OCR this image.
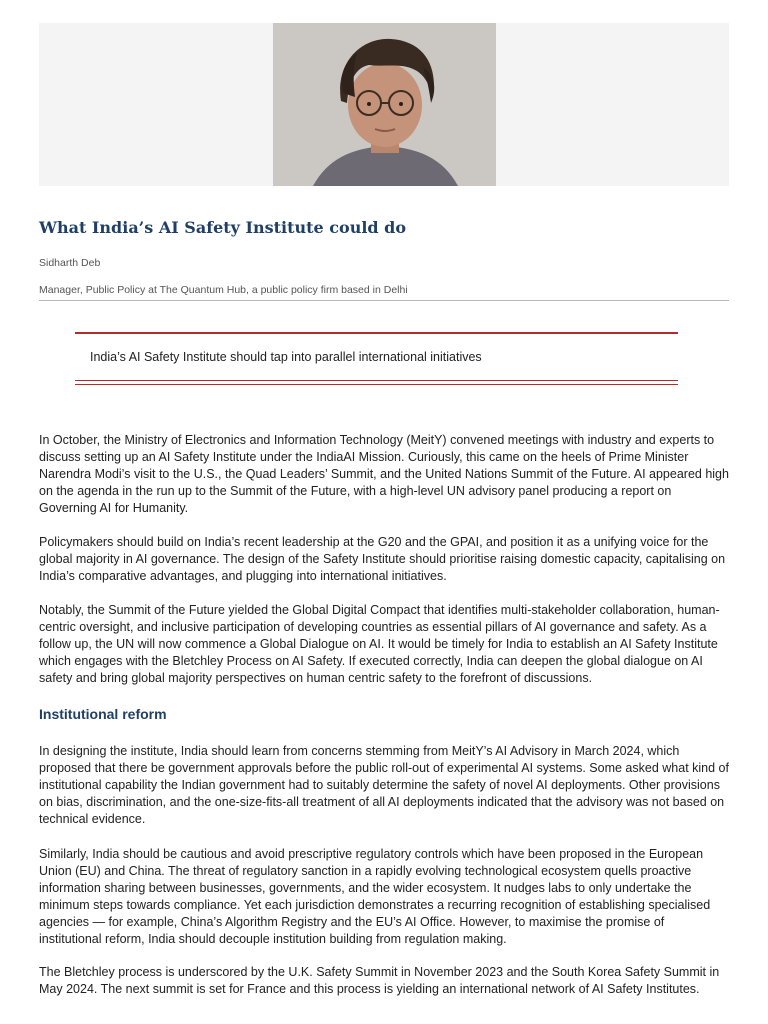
What India’s AI Safety Institute could do

Sidharth Deb

Manager, Public Policy at The Quantum Hub, a public policy firm based in Delhi

India’s AI Safety Institute should tap into parallel international initiatives

In October, the Ministry of Electronics and Information Technology (MeitY) convened meetings with industry and experts to discuss setting up an AI Safety Institute under the IndiaAI Mission. Curiously, this came on the heels of Prime Minister Narendra Modi’s visit to the U.S., the Quad Leaders’ Summit, and the United Nations Summit of the Future. AI appeared high on the agenda in the run up to the Summit of the Future, with a high-level UN advisory panel producing a report on Governing AI for Humanity.

Policymakers should build on India’s recent leadership at the G20 and the GPAI, and position it as a unifying voice for the global majority in AI governance. The design of the Safety Institute should prioritise raising domestic capacity, capitalising on India’s comparative advantages, and plugging into international initiatives.

Notably, the Summit of the Future yielded the Global Digital Compact that identifies multi-stakeholder collaboration, human-centric oversight, and inclusive participation of developing countries as essential pillars of AI governance and safety. As a follow up, the UN will now commence a Global Dialogue on AI. It would be timely for India to establish an AI Safety Institute which engages with the Bletchley Process on AI Safety. If executed correctly, India can deepen the global dialogue on AI safety and bring global majority perspectives on human centric safety to the forefront of discussions.

Institutional reform

In designing the institute, India should learn from concerns stemming from MeitY’s AI Advisory in March 2024, which proposed that there be government approvals before the public roll-out of experimental AI systems. Some asked what kind of institutional capability the Indian government had to suitably determine the safety of novel AI deployments. Other provisions on bias, discrimination, and the one-size-fits-all treatment of all AI deployments indicated that the advisory was not based on technical evidence.

Similarly, India should be cautious and avoid prescriptive regulatory controls which have been proposed in the European Union (EU) and China. The threat of regulatory sanction in a rapidly evolving technological ecosystem quells proactive information sharing between businesses, governments, and the wider ecosystem. It nudges labs to only undertake the minimum steps towards compliance. Yet each jurisdiction demonstrates a recurring recognition of establishing specialised agencies — for example, China’s Algorithm Registry and the EU’s AI Office. However, to maximise the promise of institutional reform, India should decouple institution building from regulation making.

The Bletchley process is underscored by the U.K. Safety Summit in November 2023 and the South Korea Safety Summit in May 2024. The next summit is set for France and this process is yielding an international network of AI Safety Institutes.
